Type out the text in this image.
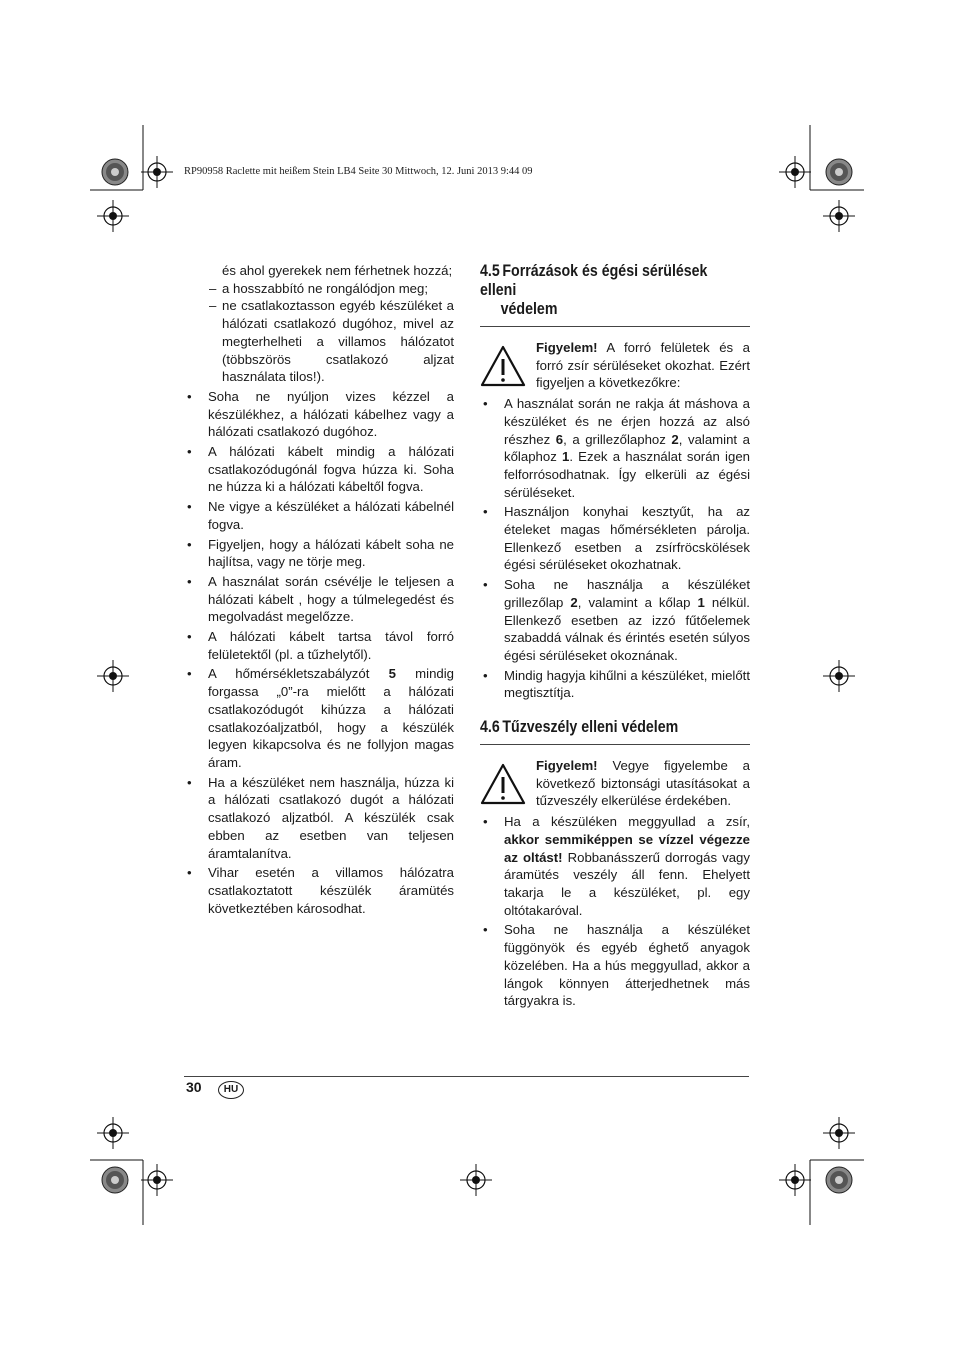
RP90958 Raclette mit heißem Stein LB4 Seite 30 Mittwoch, 12. Juni 2013 9:44 09

és ahol gyerekek nem férhetnek hozzá;

– a hosszabbító ne rongálódjon meg;

– ne csatlakoztasson egyéb készüléket a hálózati csatlakozó dugóhoz, mivel az megterhelheti a villamos hálózatot (többszörös csatlakozó aljzat használata tilos!).

• Soha ne nyúljon vizes kézzel a készülékhez, a hálózati kábelhez vagy a hálózati csatlakozó dugóhoz.
• A hálózati kábelt mindig a hálózati csatlakozódugónál fogva húzza ki. Soha ne húzza ki a hálózati kábeltől fogva.
• Ne vigye a készüléket a hálózati kábelnél fogva.
• Figyeljen, hogy a hálózati kábelt soha ne hajlítsa, vagy ne törje meg.
• A használat során csévélje le teljesen a hálózati kábelt , hogy a túlmelegedést és megolvadást megelőzze.
• A hálózati kábelt tartsa távol forró felületektől (pl. a tűzhelytől).
• A hőmérsékletszabályzót 5 mindig forgassa „0”-ra mielőtt a hálózati csatlakozódugót kihúzza a hálózati csatlakozóaljzatból, hogy a készülék legyen kikapcsolva és ne follyjon magas áram.
• Ha a készüléket nem használja, húzza ki a hálózati csatlakozó dugót a hálózati csatlakozó aljzatból. A készülék csak ebben az esetben van teljesen áramtalanítva.
• Vihar esetén a villamos hálózatra csatlakoztatott készülék áramütés következtében károsodhat.

4.5 Forrázások és égési sérülések elleni
védelem

Figyelem! A forró felületek és a forró zsír sérüléseket okozhat. Ezért figyeljen a következőkre:

• A használat során ne rakja át máshova a készüléket és ne érjen hozzá az alsó részhez 6, a grillezőlaphoz 2, valamint a kőlaphoz 1. Ezek a használat során igen felforrósodhatnak. Így elkerüli az égési sérüléseket.
• Használjon konyhai kesztyűt, ha az ételeket magas hőmérsékleten párolja. Ellenkező esetben a zsírfröcskölések égési sérüléseket okozhatnak.
• Soha ne használja a készüléket grillezőlap 2, valamint a kőlap 1 nélkül. Ellenkező esetben az izzó fűtőelemek szabaddá válnak és érintés esetén súlyos égési sérüléseket okoznának.
• Mindig hagyja kihűlni a készüléket, mielőtt megtisztítja.

4.6 Tűzveszély elleni védelem

Figyelem! Vegye figyelembe a következő biztonsági utasításokat a tűzveszély elkerülése érdekében.

• Ha a készüléken meggyullad a zsír, akkor semmiképpen se vízzel végezze az oltást! Robbanásszerű dorrogás vagy áramütés veszély áll fenn. Ehelyett takarja le a készüléket, pl. egy oltótakaróval.
• Soha ne használja a készüléket függönyök és egyéb éghető anyagok közelében. Ha a hús meggyullad, akkor a lángok könnyen átterjedhetnek más tárgyakra is.
30	HU
